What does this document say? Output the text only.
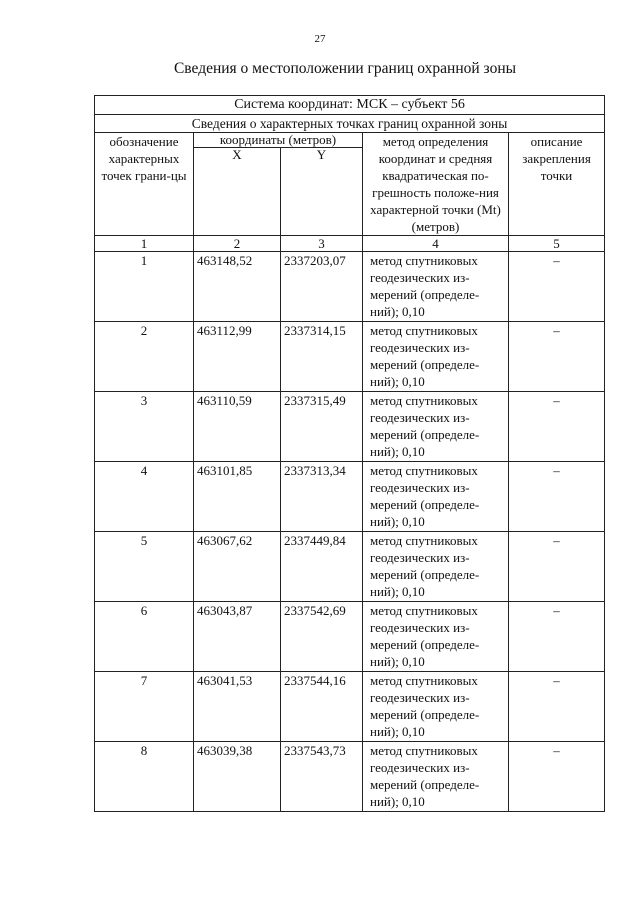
27
Сведения о местоположении границ охранной зоны
Система координат: МСК – субъект 56				
Сведения о характерных точках границ охранной зоны				
обозначение характерных точек грани-цы	координаты (метров)		метод определения координат и средняя квадратическая по-грешность положе-ния характерной точки (Mt) (метров)	описание закрепления точки
	X	Y		
1	2	3	4	5
1	463148,52	2337203,07	метод спутниковых геодезических из-мерений (определе-ний); 0,10	–
2	463112,99	2337314,15	метод спутниковых геодезических из-мерений (определе-ний); 0,10	–
3	463110,59	2337315,49	метод спутниковых геодезических из-мерений (определе-ний); 0,10	–
4	463101,85	2337313,34	метод спутниковых геодезических из-мерений (определе-ний); 0,10	–
5	463067,62	2337449,84	метод спутниковых геодезических из-мерений (определе-ний); 0,10	–
6	463043,87	2337542,69	метод спутниковых геодезических из-мерений (определе-ний); 0,10	–
7	463041,53	2337544,16	метод спутниковых геодезических из-мерений (определе-ний); 0,10	–
8	463039,38	2337543,73	метод спутниковых геодезических из-мерений (определе-ний); 0,10	–
